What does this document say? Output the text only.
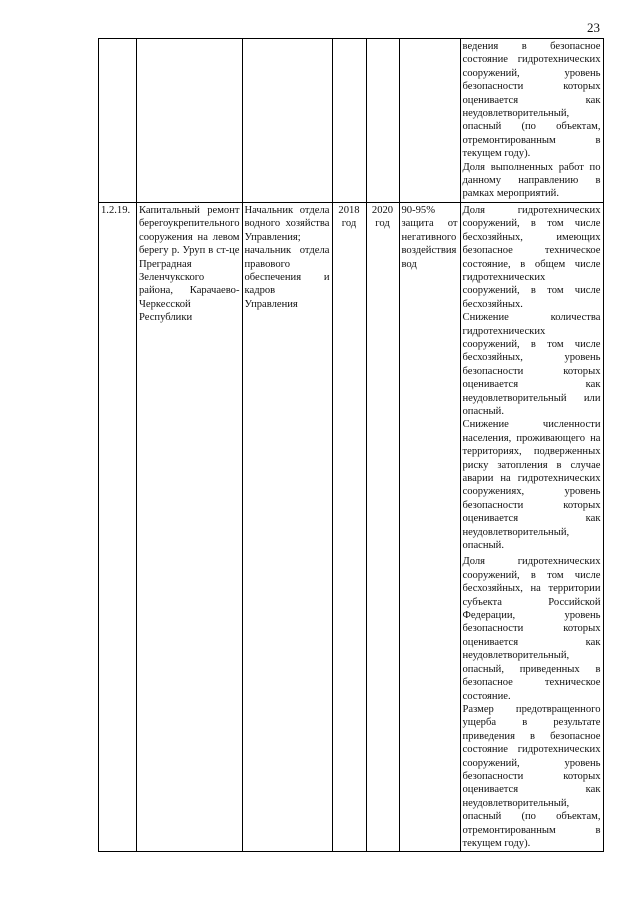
23

						ведения в безопасное состояние гидротехнических сооружений, уровень безопасности которых оценивается как неудовлетворительный, опасный (по объектам, отремонтированным в текущем году).

Доля выполненных работ по данному направлению в рамках мероприятий.

1.2.19.	Капитальный ремонт берегоукрепительного сооружения на левом берегу р. Уруп в ст-це Преградная Зеленчукского района, Карачаево-Черкесской Республики	Начальник отдела водного хозяйства Управления; начальник отдела правового обеспечения и кадров Управления	2018 год	2020 год	90-95% защита от негативного воздействия вод	Доля гидротехнических сооружений, в том числе бесхозяйных, имеющих безопасное техническое состояние, в общем числе гидротехнических сооружений, в том числе бесхозяйных.

Снижение количества гидротехнических сооружений, в том числе бесхозяйных, уровень безопасности которых оценивается как неудовлетворительный или опасный.

Снижение численности населения, проживающего на территориях, подверженных риску затопления в случае аварии на гидротехнических сооружениях, уровень безопасности которых оценивается как неудовлетворительный, опасный.

Доля гидротехнических сооружений, в том числе бесхозяйных, на территории субъекта Российской Федерации, уровень безопасности которых оценивается как неудовлетворительный, опасный, приведенных в безопасное техническое состояние.

Размер предотвращенного ущерба в результате приведения в безопасное состояние гидротехнических сооружений, уровень безопасности которых оценивается как неудовлетворительный, опасный (по объектам, отремонтированным в текущем году).
